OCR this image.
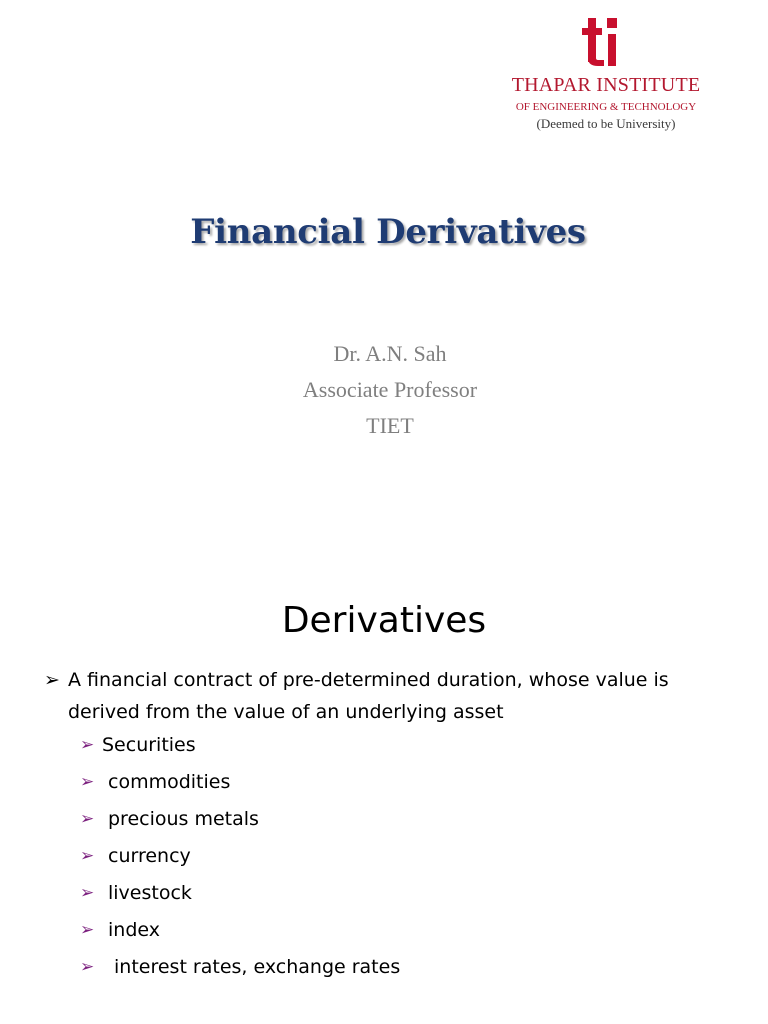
THAPAR INSTITUTE
OF ENGINEERING & TECHNOLOGY
(Deemed to be University)
Financial Derivatives
Dr. A.N. Sah
Associate Professor
TIET
Derivatives
➢ A financial contract of pre-determined duration, whose value is derived from the value of an underlying asset
➢ Securities
➢ commodities
➢ precious metals
➢ currency
➢ livestock
➢ index
➢ interest rates, exchange rates
